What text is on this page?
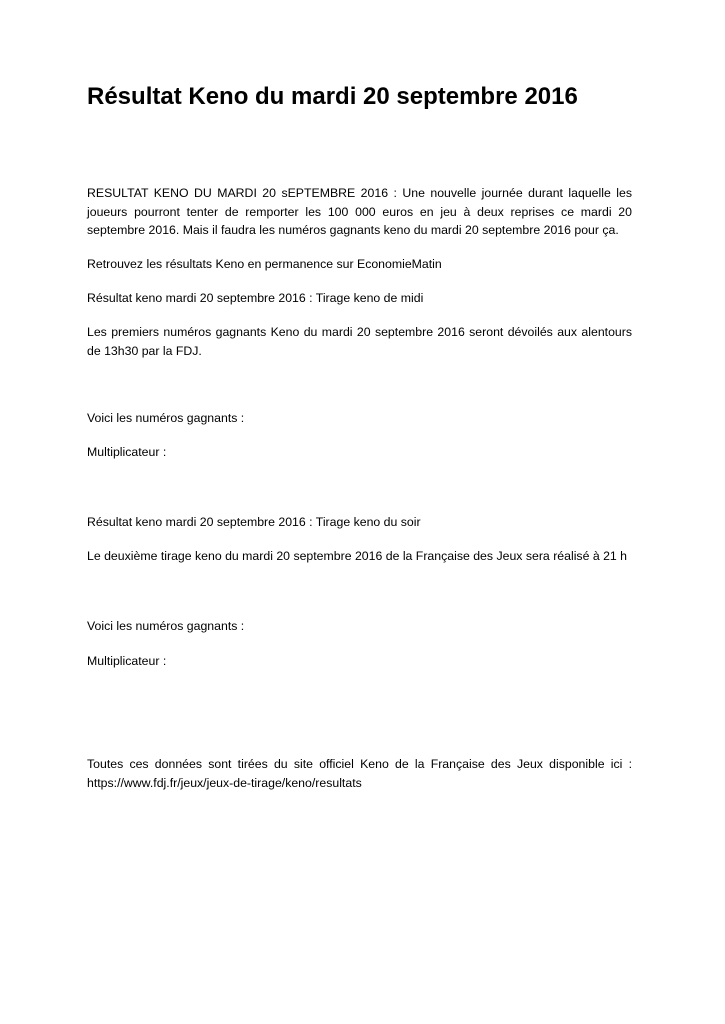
Résultat Keno du mardi 20 septembre 2016

RESULTAT KENO DU MARDI 20 sEPTEMBRE 2016 : Une nouvelle journée durant laquelle les joueurs pourront tenter de remporter les 100 000 euros en jeu à deux reprises ce mardi 20 septembre 2016. Mais il faudra les numéros gagnants keno du mardi 20 septembre 2016 pour ça.

Retrouvez les résultats Keno en permanence sur EconomieMatin

Résultat keno mardi 20 septembre 2016 : Tirage keno de midi

Les premiers numéros gagnants Keno du mardi 20 septembre 2016 seront dévoilés aux alentours de 13h30 par la FDJ.

Voici les numéros gagnants :

Multiplicateur :

Résultat keno mardi 20 septembre 2016 : Tirage keno du soir

Le deuxième tirage keno du mardi 20 septembre 2016 de la Française des Jeux sera réalisé à 21 h

Voici les numéros gagnants :

Multiplicateur :

Toutes ces données sont tirées du site officiel Keno de la Française des Jeux disponible ici : https://www.fdj.fr/jeux/jeux-de-tirage/keno/resultats
